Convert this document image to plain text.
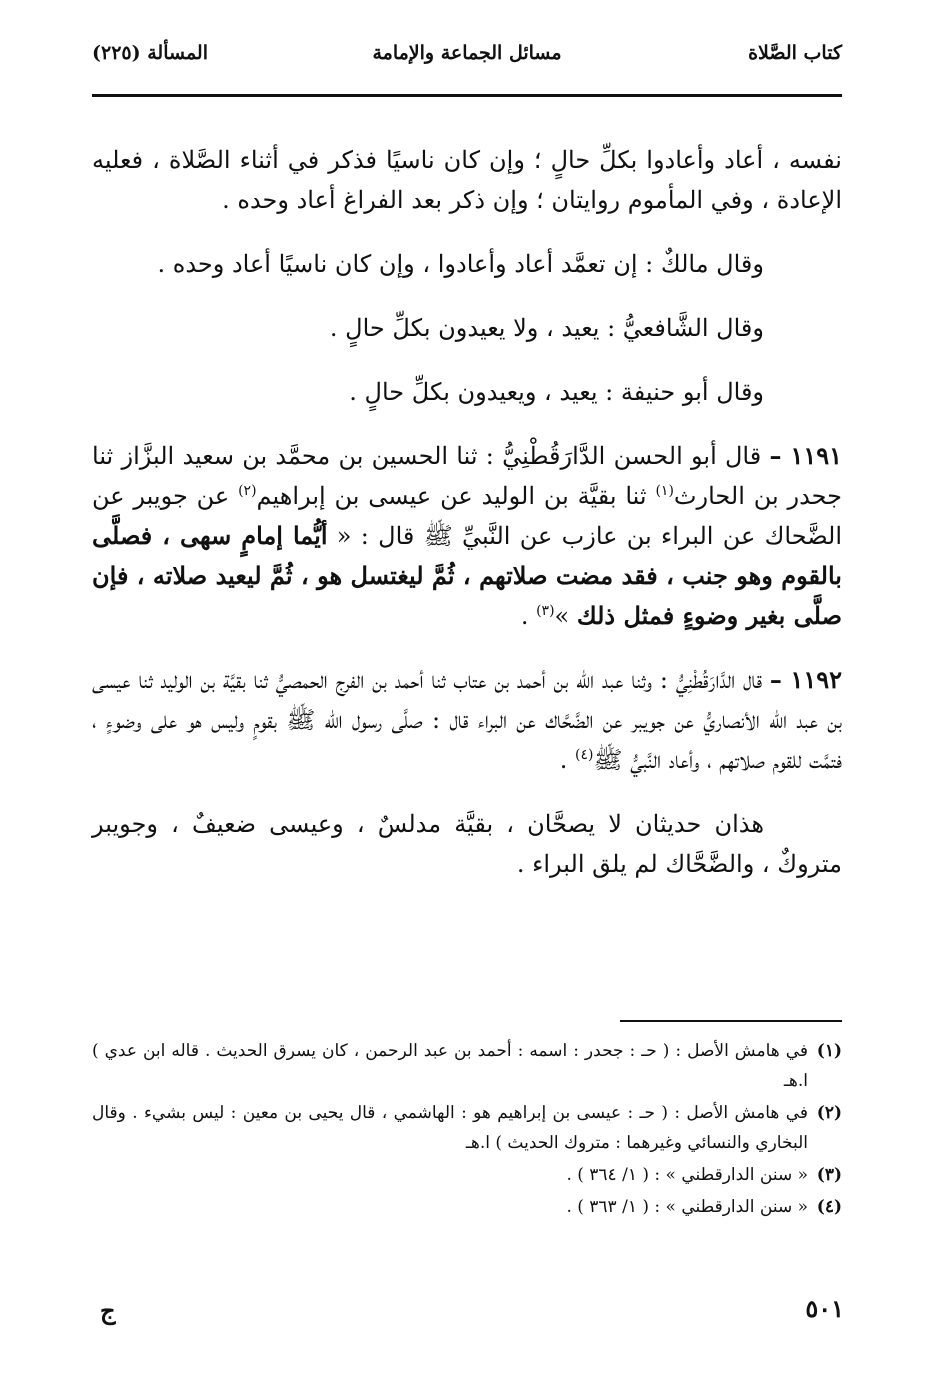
كتاب الصَّلاة
مسائل الجماعة والإمامة
المسألة (٢٢٥)

نفسه ، أعاد وأعادوا بكلِّ حالٍ ؛ وإن كان ناسيًا فذكر في أثناء الصَّلاة ، فعليه الإعادة ، وفي المأموم روايتان ؛ وإن ذكر بعد الفراغ أعاد وحده .

وقال مالكٌ : إن تعمَّد أعاد وأعادوا ، وإن كان ناسيًا أعاد وحده .

وقال الشَّافعيُّ : يعيد ، ولا يعيدون بكلِّ حالٍ .

وقال أبو حنيفة : يعيد ، ويعيدون بكلِّ حالٍ .

١١٩١ – قال أبو الحسن الدَّارَقُطْنِيُّ : ثنا الحسين بن محمَّد بن سعيد البزَّاز ثنا جحدر بن الحارث$^{(١)}$ ثنا بقيَّة بن الوليد عن عيسى بن إبراهيم$^{(٢)}$ عن جويبر عن الضَّحاك عن البراء بن عازب عن النَّبيِّ ﷺ قال : « أيُّما إمامٍ سهى ، فصلَّى بالقوم وهو جنب ، فقد مضت صلاتهم ، ثُمَّ ليغتسل هو ، ثُمَّ ليعيد صلاته ، فإن صلَّى بغير وضوءٍ فمثل ذلك »$^{(٣)}$ .

١١٩٢ – قال الدَّارَقُطْنِيُّ : وثنا عبد الله بن أحمد بن عتاب ثنا أحمد بن الفرج الحمصيُّ ثنا بقيَّة بن الوليد ثنا عيسى بن عبد الله الأنصاريُّ عن جويبر عن الضَّحَّاك عن البراء قال : صلَّى رسول الله ﷺ بقومٍ وليس هو على وضوءٍ ، فتمَّت للقوم صلاتهم ، وأعاد النَّبيُّ ﷺ$^{(٤)}$ .

هذان حديثان لا يصحَّان ، بقيَّة مدلسٌ ، وعيسى ضعيفٌ ، وجويبر متروكٌ ، والضَّحَّاك لم يلق البراء .

(١)في هامش الأصل : ( حـ : جحدر : اسمه : أحمد بن عبد الرحمن ، كان يسرق الحديث . قاله ابن عدي ) ا.هـ

(٢)في هامش الأصل : ( حـ : عيسى بن إبراهيم هو : الهاشمي ، قال يحيى بن معين : ليس بشيء . وقال البخاري والنسائي وغيرهما : متروك الحديث ) ا.هـ

(٣)« سنن الدارقطني » : ( ١/ ٣٦٤ ) .

(٤)« سنن الدارقطني » : ( ١/ ٣٦٣ ) .

٥٠١
ج
